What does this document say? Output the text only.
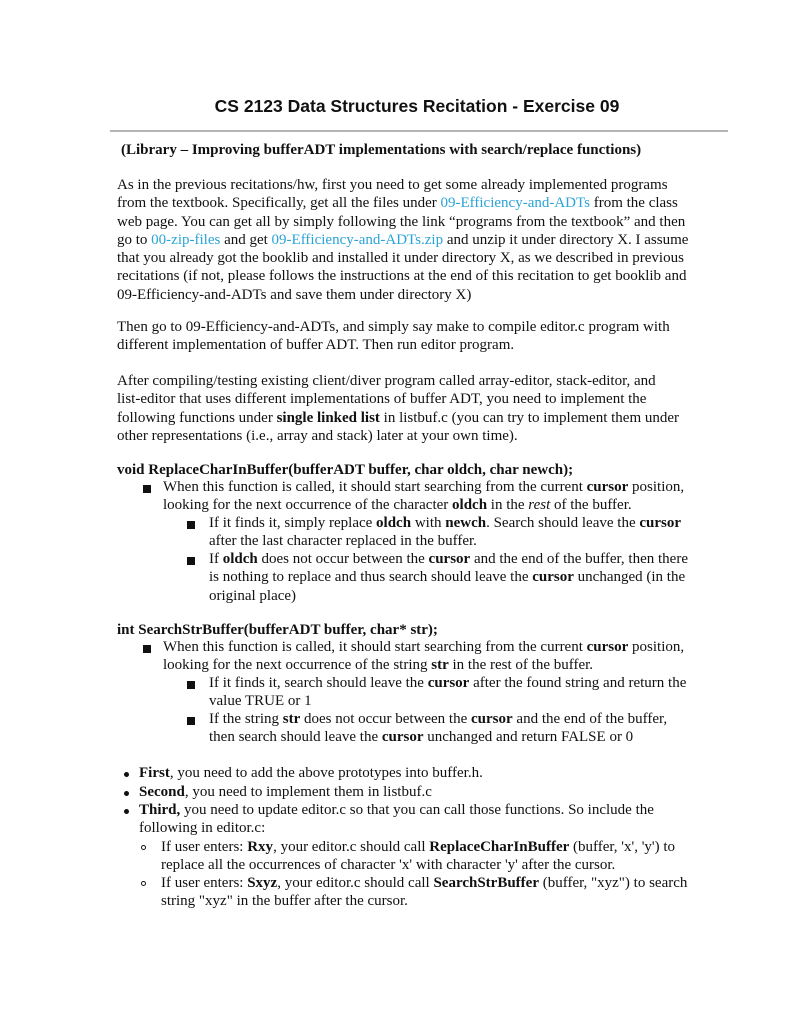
CS 2123 Data Structures Recitation - Exercise 09
(Library – Improving bufferADT implementations with search/replace functions)
As in the previous recitations/hw, first you need to get some already implemented programs
from the textbook. Specifically, get all the files under 09-Efficiency-and-ADTs from the class
web page. You can get all by simply following the link “programs from the textbook” and then
go to 00-zip-files and get 09-Efficiency-and-ADTs.zip and unzip it under directory X. I assume
that you already got the booklib and installed it under directory X, as we described in previous
recitations (if not, please follows the instructions at the end of this recitation to get booklib and
09-Efficiency-and-ADTs and save them under directory X)
Then go to 09-Efficiency-and-ADTs, and simply say make to compile editor.c program with
different implementation of buffer ADT. Then run editor program.
After compiling/testing existing client/diver program called array-editor, stack-editor, and
list-editor that uses different implementations of buffer ADT, you need to implement the
following functions under single linked list in listbuf.c (you can try to implement them under
other representations (i.e., array and stack) later at your own time).
void ReplaceCharInBuffer(bufferADT buffer, char oldch, char newch);
When this function is called, it should start searching from the current cursor position,
looking for the next occurrence of the character oldch in the rest of the buffer.
If it finds it, simply replace oldch with newch. Search should leave the cursor
after the last character replaced in the buffer.
If oldch does not occur between the cursor and the end of the buffer, then there
is nothing to replace and thus search should leave the cursor unchanged (in the
original place)
int SearchStrBuffer(bufferADT buffer, char* str);
When this function is called, it should start searching from the current cursor position,
looking for the next occurrence of the string str in the rest of the buffer.
If it finds it, search should leave the cursor after the found string and return the
value TRUE or 1
If the string str does not occur between the cursor and the end of the buffer,
then search should leave the cursor unchanged and return FALSE or 0
First, you need to add the above prototypes into buffer.h.
Second, you need to implement them in listbuf.c
Third, you need to update editor.c so that you can call those functions. So include the
following in editor.c:
If user enters: Rxy, your editor.c should call ReplaceCharInBuffer (buffer, 'x', 'y') to
replace all the occurrences of character 'x' with character 'y' after the cursor.
If user enters: Sxyz, your editor.c should call SearchStrBuffer (buffer, "xyz") to search
string "xyz" in the buffer after the cursor.
